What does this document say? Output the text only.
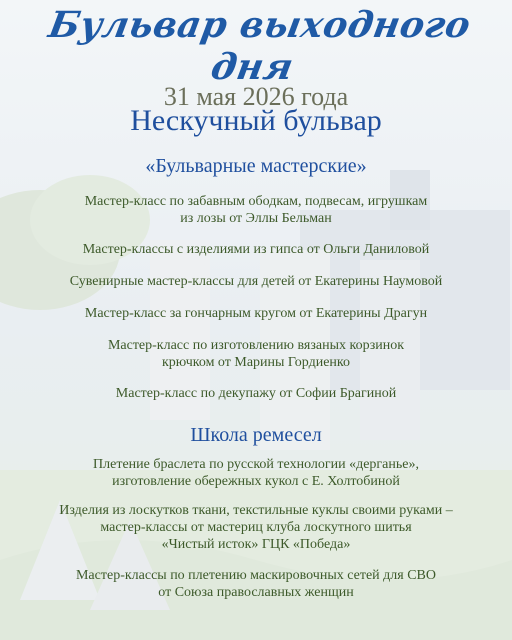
Бульвар выходного дня
31 мая 2026 года
Нескучный бульвар
«Бульварные мастерские»
Мастер-класс по забавным ободкам, подвесам, игрушкам
из лозы от Эллы Бельман
Мастер-классы с изделиями из гипса от Ольги Даниловой
Сувенирные мастер-классы для детей от Екатерины Наумовой
Мастер-класс за гончарным кругом от Екатерины Драгун
Мастер-класс по изготовлению вязаных корзинок
крючком от Марины Гордиенко
Мастер-класс по декупажу от Софии Брагиной
Школа ремесел
Плетение браслета по русской технологии «дерганье»,
изготовление обережных кукол с Е. Холтобиной
Изделия из лоскутков ткани, текстильные куклы своими руками –
мастер-классы от мастериц клуба лоскутного шитья
«Чистый исток» ГЦК «Победа»
Мастер-классы по плетению маскировочных сетей для СВО
от Союза православных женщин
